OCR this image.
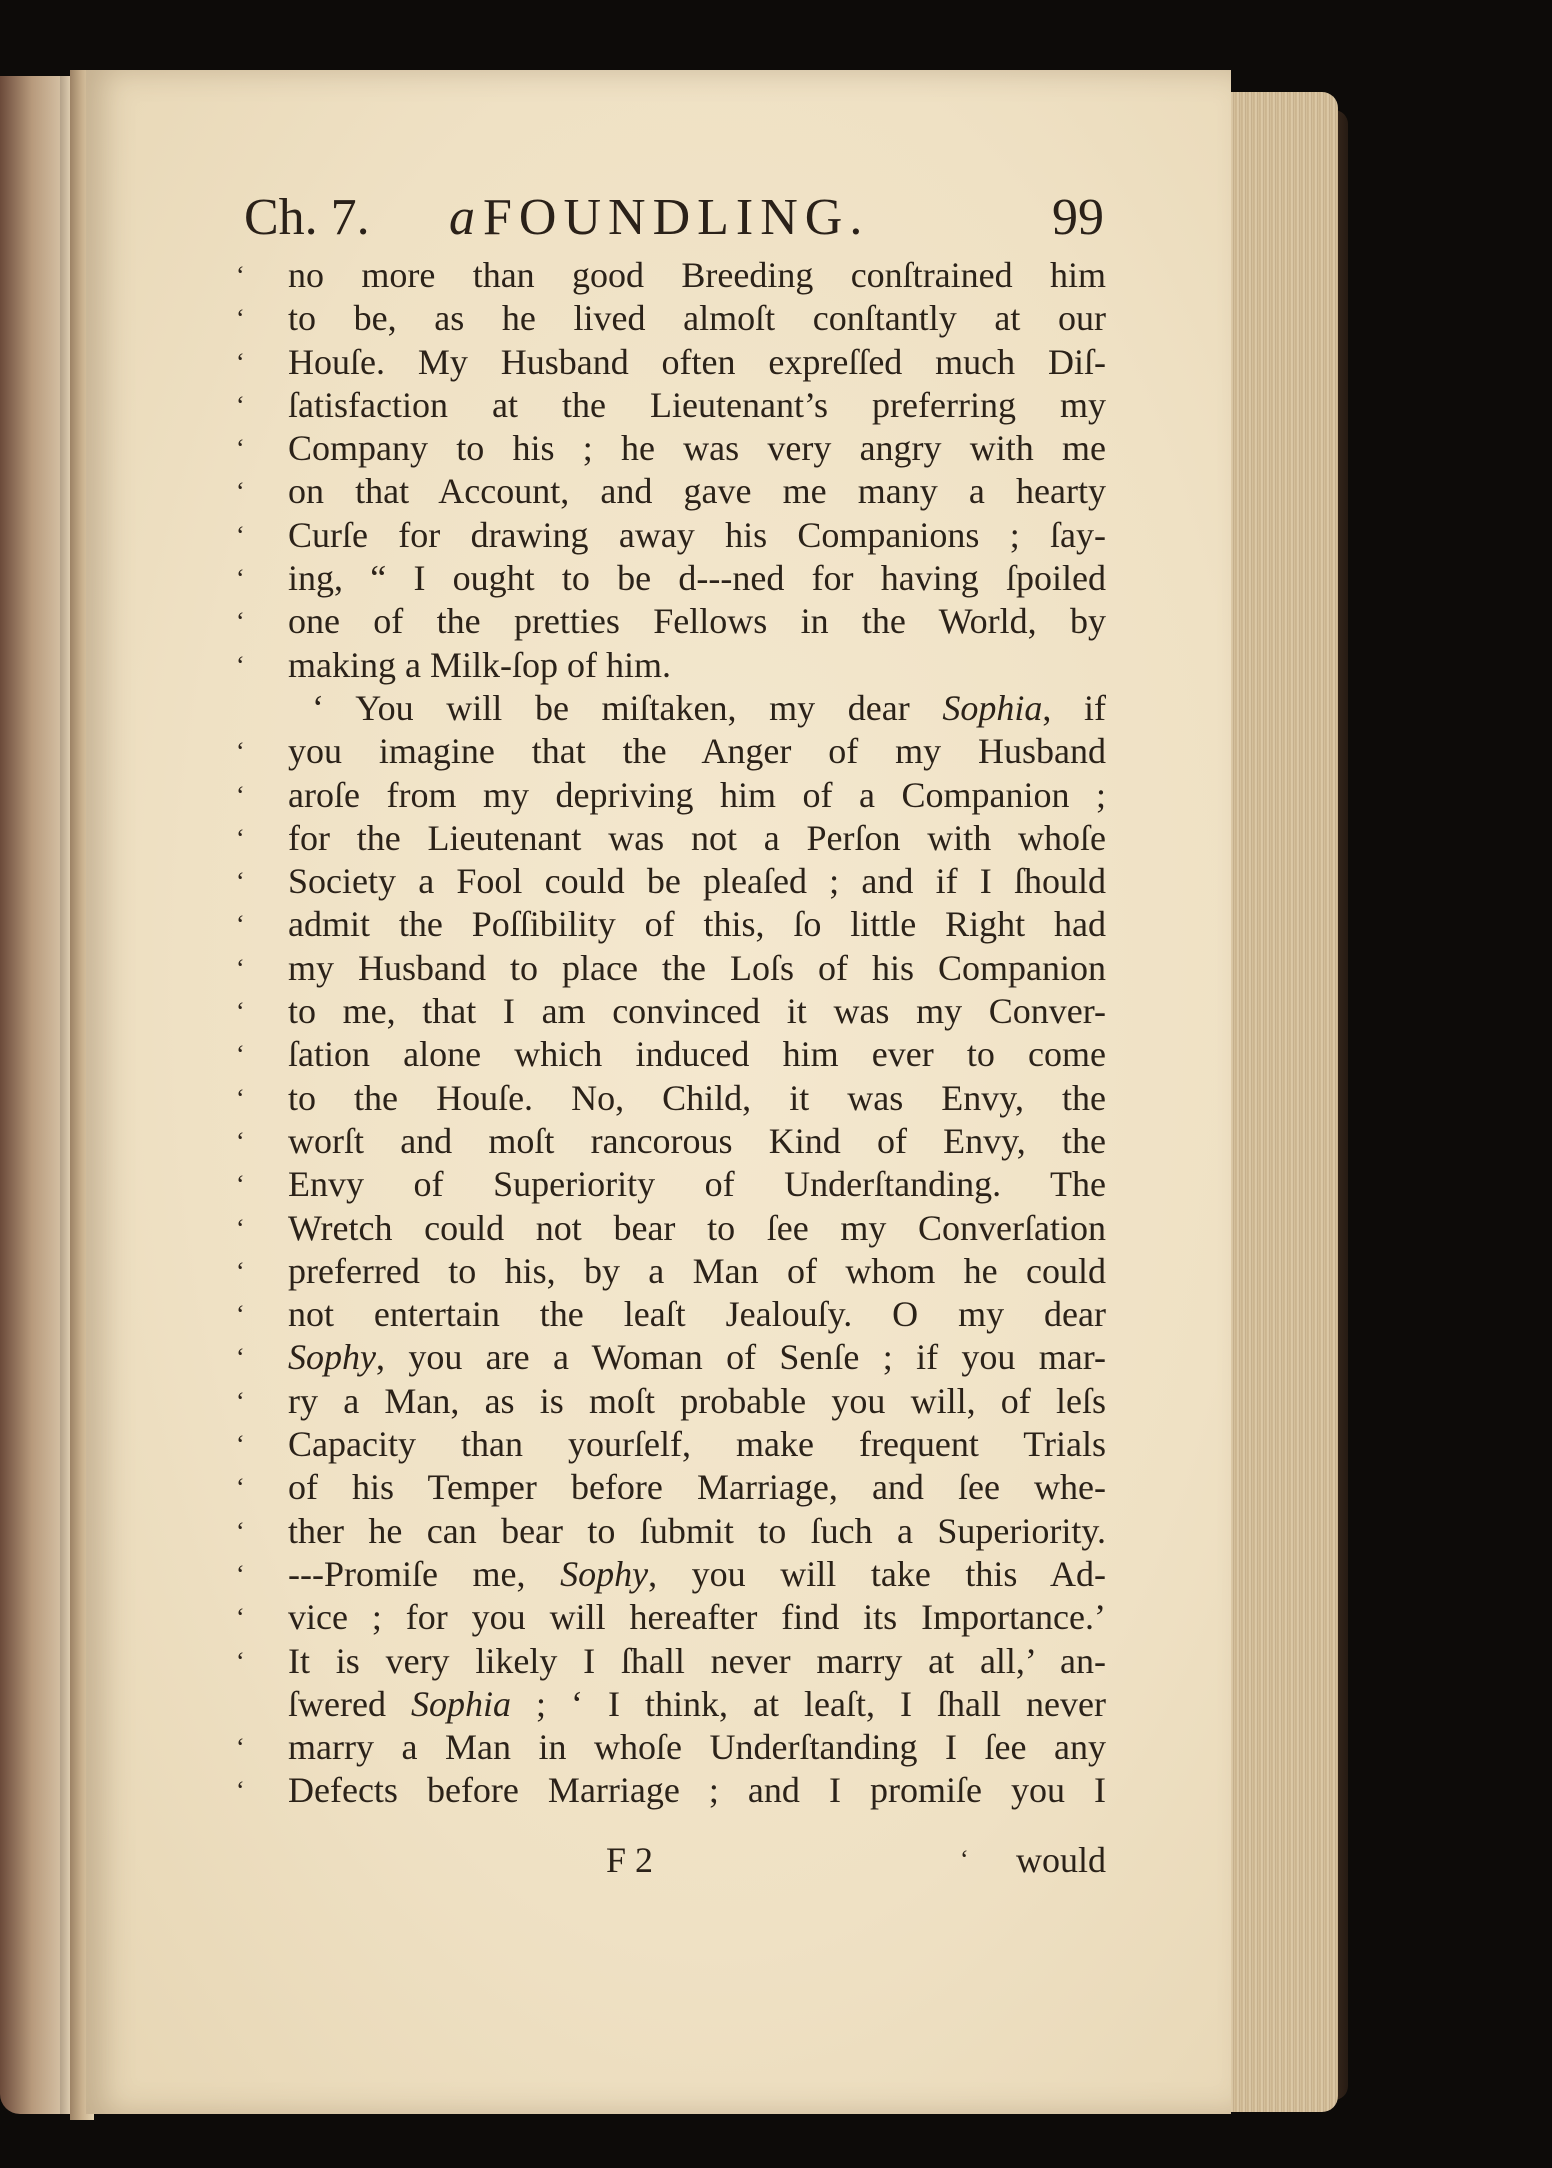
Ch. 7. a FOUNDLING.	99
‘	no more than good Breeding conſtrained him
‘	to be, as he lived almoſt conſtantly at our
‘	Houſe. My Husband often expreſſed much Diſ-
‘	ſatisfaction at the Lieutenant’s preferring my
‘	Company to his ; he was very angry with me
‘	on that Account, and gave me many a hearty
‘	Curſe for drawing away his Companions ; ſay-
‘	ing, “ I ought to be d---ned for having ſpoiled
‘	one of the pretties Fellows in the World, by
‘	making a Milk-ſop of him.
‘ You will be miſtaken, my dear Sophia, if
‘	you imagine that the Anger of my Husband
‘	aroſe from my depriving him of a Companion ;
‘	for the Lieutenant was not a Perſon with whoſe
‘	Society a Fool could be pleaſed ; and if I ſhould
‘	admit the Poſſibility of this, ſo little Right had
‘	my Husband to place the Loſs of his Companion
‘	to me, that I am convinced it was my Conver-
‘	ſation alone which induced him ever to come
‘	to the Houſe. No, Child, it was Envy, the
‘	worſt and moſt rancorous Kind of Envy, the
‘	Envy of Superiority of Underſtanding. The
‘	Wretch could not bear to ſee my Converſation
‘	preferred to his, by a Man of whom he could
‘	not entertain the leaſt Jealouſy. O my dear
‘	Sophy, you are a Woman of Senſe ; if you mar-
‘	ry a Man, as is moſt probable you will, of leſs
‘	Capacity than yourſelf, make frequent Trials
‘	of his Temper before Marriage, and ſee whe-
‘	ther he can bear to ſubmit to ſuch a Superiority.
‘	---Promiſe me, Sophy, you will take this Ad-
‘	vice ; for you will hereafter find its Importance.’
‘	It is very likely I ſhall never marry at all,’ an-
ſwered Sophia ; ‘ I think, at leaſt, I ſhall never
‘	marry a Man in whoſe Underſtanding I ſee any
‘	Defects before Marriage ; and I promiſe you I
F 2	‘ would
